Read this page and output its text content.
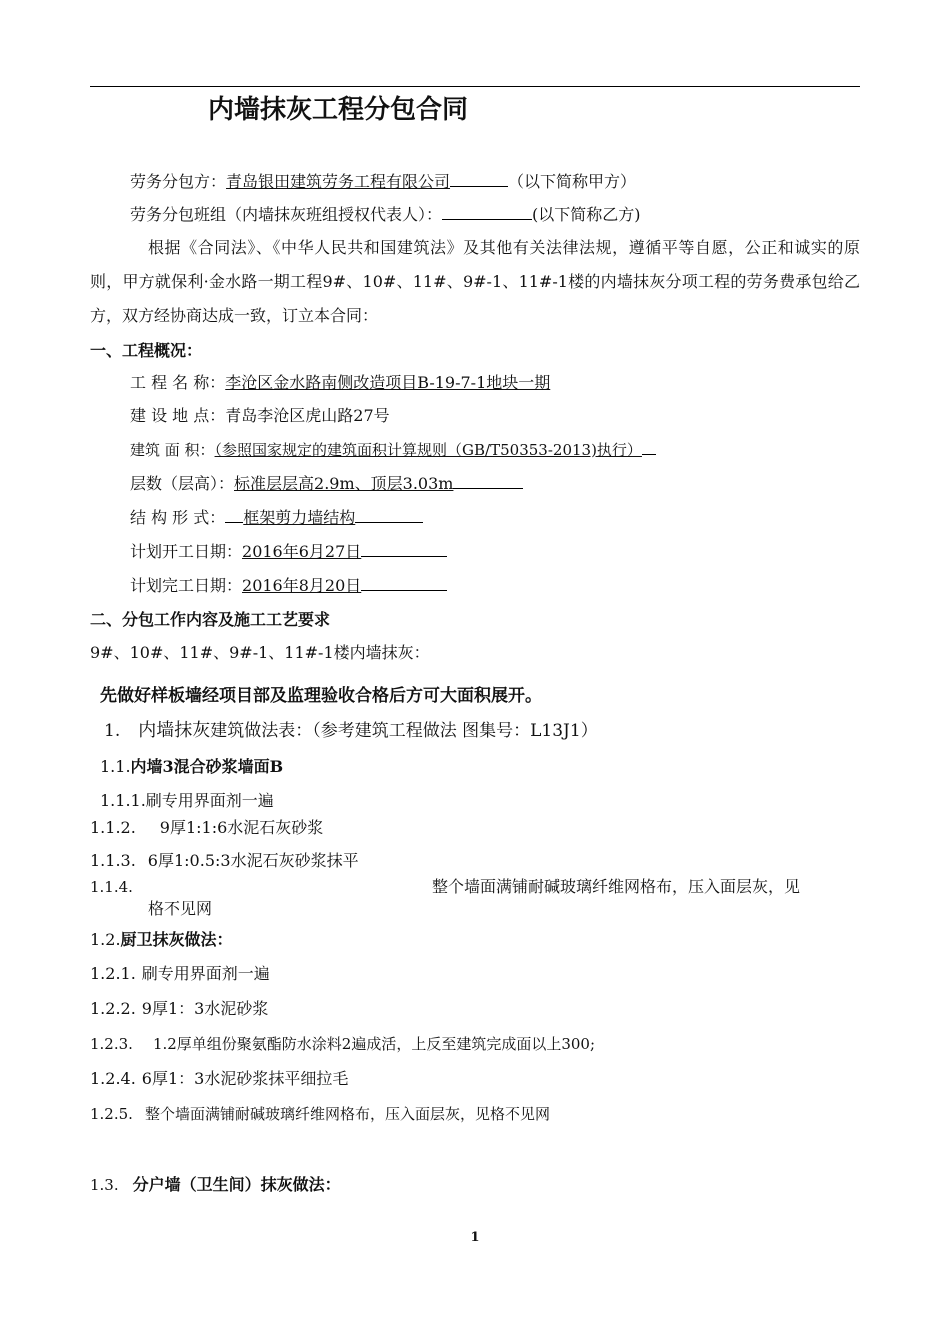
内墙抹灰工程分包合同
劳务分包方：青岛银田建筑劳务工程有限公司	（以下简称甲方）
劳务分包班组（内墙抹灰班组授权代表人）：	(以下简称乙方)
根据《合同法》、《中华人民共和国建筑法》及其他有关法律法规，遵循平等自愿，公正和诚实的原则，甲方就保利·金水路一期工程9#、10#、11#、9#-1、11#-1楼的内墙抹灰分项工程的劳务费承包给乙方，双方经协商达成一致，订立本合同：
一、工程概况：
工 程 名 称：李沧区金水路南侧改造项目B-19-7-1地块一期
建 设 地 点：青岛李沧区虎山路27号
建筑 面 积：（参照国家规定的建筑面积计算规则（GB/T50353-2013)执行）
层数（层高）：标准层层高2.9m、顶层3.03m
结 构 形 式： 框架剪力墙结构
计划开工日期：2016年6月27日
计划完工日期：2016年8月20日
二、分包工作内容及施工工艺要求
9#、10#、11#、9#-1、11#-1楼内墙抹灰：
先做好样板墙经项目部及监理验收合格后方可大面积展开。
1. 内墙抹灰建筑做法表：（参考建筑工程做法 图集号：L13J1）
1.1.内墙3混合砂浆墙面B
1.1.1.刷专用界面剂一遍
1.1.2. 9厚1:1:6水泥石灰砂浆
1.1.3. 6厚1:0.5:3水泥石灰砂浆抹平
1.1.4.	整个墙面满铺耐碱玻璃纤维网格布，压入面层灰，见
格不见网
1.2.厨卫抹灰做法：
1.2.1. 刷专用界面剂一遍
1.2.2. 9厚1：3水泥砂浆
1.2.3. 1.2厚单组份聚氨酯防水涂料2遍成活，上反至建筑完成面以上300;
1.2.4. 6厚1：3水泥砂浆抹平细拉毛
1.2.5. 整个墙面满铺耐碱玻璃纤维网格布，压入面层灰，见格不见网
1.3. 分户墙（卫生间）抹灰做法：
1
